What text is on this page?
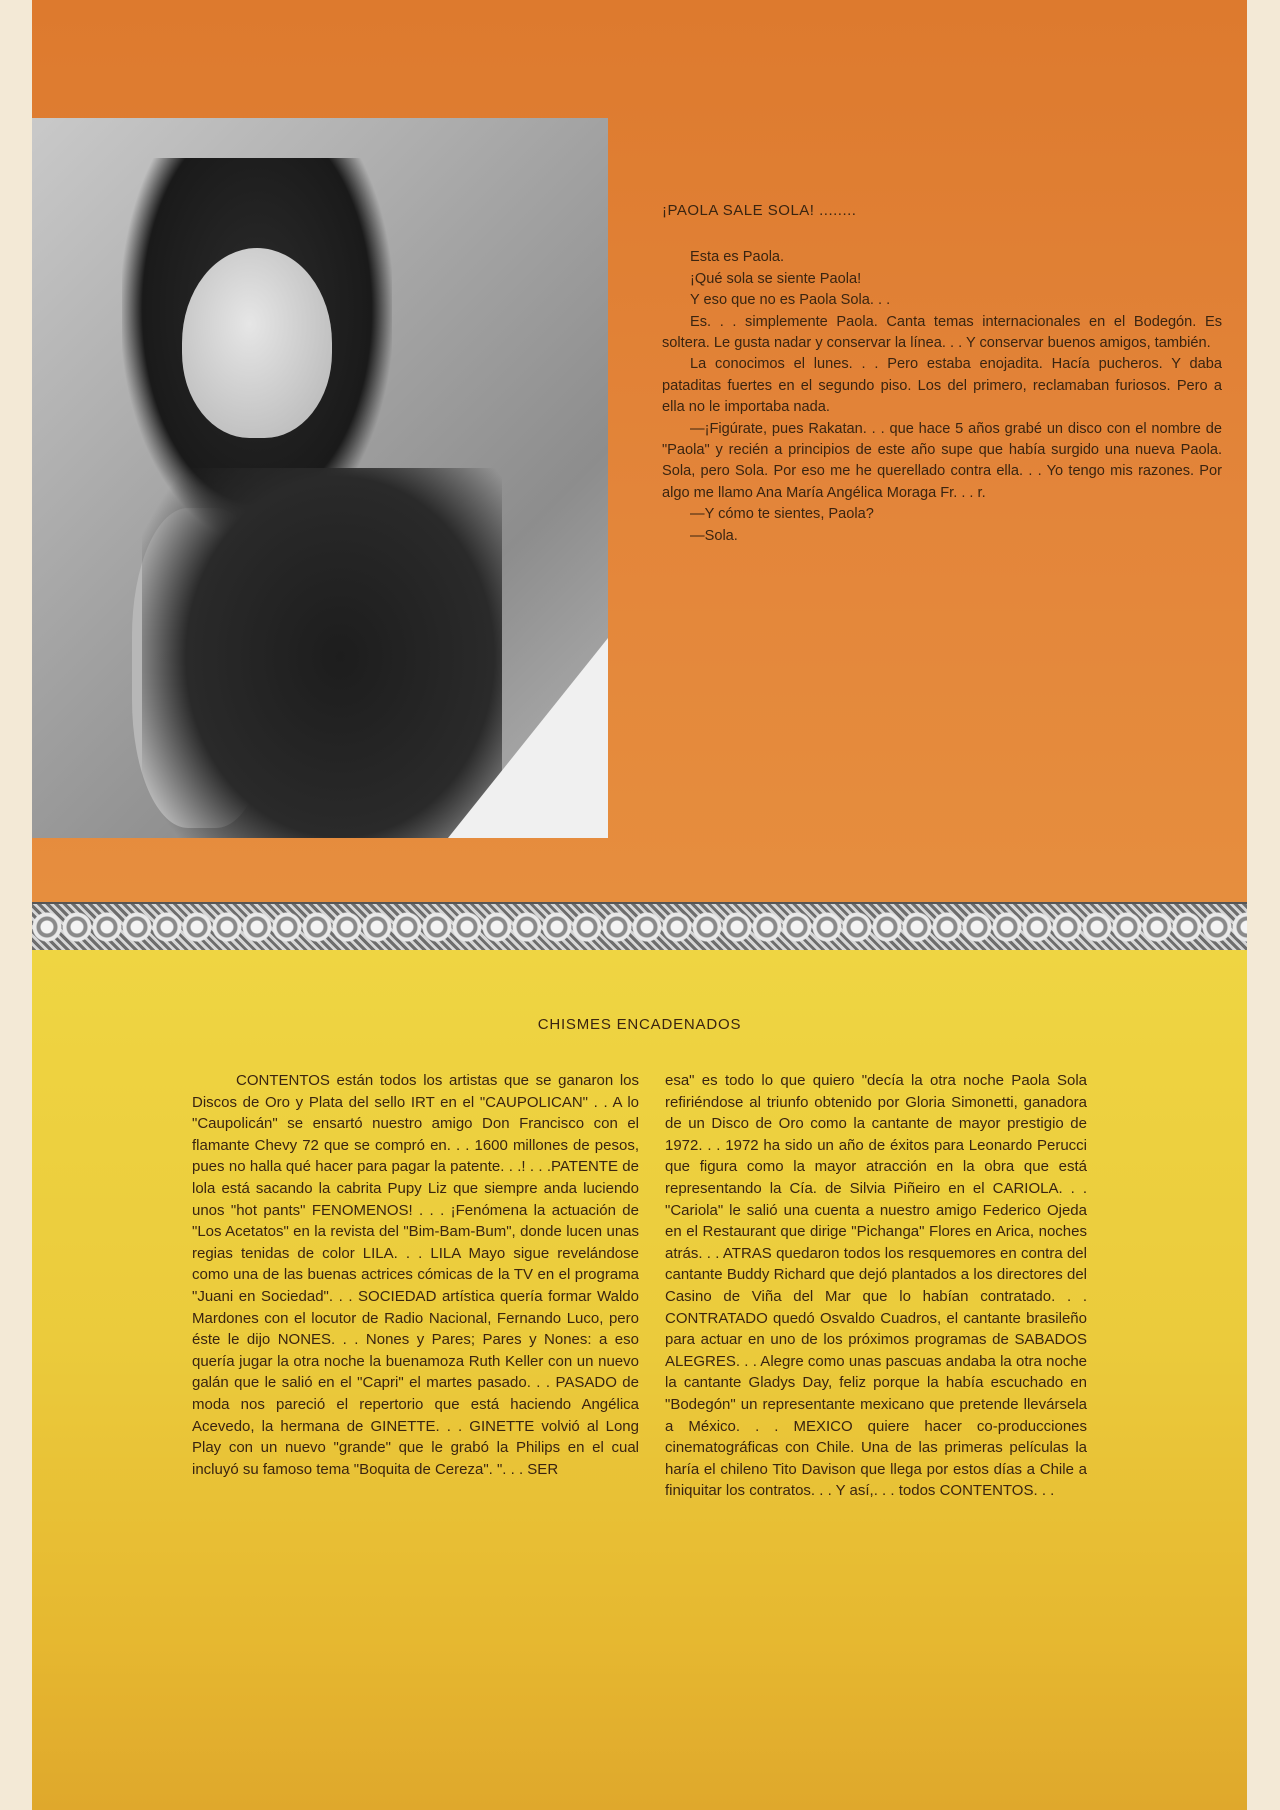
¡PAOLA SALE SOLA! ........

Esta es Paola.

¡Qué sola se siente Paola!

Y eso que no es Paola Sola. . .

Es. . . simplemente Paola. Canta temas internacionales en el Bodegón. Es soltera. Le gusta nadar y conservar la línea. . . Y conservar buenos amigos, también.

La conocimos el lunes. . . Pero estaba enojadita. Hacía pucheros. Y daba pataditas fuertes en el segundo piso. Los del primero, reclamaban furiosos. Pero a ella no le importaba nada.

—¡Figúrate, pues Rakatan. . . que hace 5 años grabé un disco con el nombre de "Paola" y recién a principios de este año supe que había surgido una nueva Paola. Sola, pero Sola. Por eso me he querellado contra ella. . . Yo tengo mis razones. Por algo me llamo Ana María Angélica Moraga Fr. . . r.

—Y cómo te sientes, Paola?

—Sola.

CHISMES ENCADENADOS

CONTENTOS están todos los artistas que se ganaron los Discos de Oro y Plata del sello IRT en el "CAUPOLICAN" . . A lo "Caupolicán" se ensartó nuestro amigo Don Francisco con el flamante Chevy 72 que se compró en. . . 1600 millones de pesos, pues no halla qué hacer para pagar la patente. . .! . . .PATENTE de lola está sacando la cabrita Pupy Liz que siempre anda luciendo unos "hot pants" FENOMENOS! . . . ¡Fenómena la actuación de "Los Acetatos" en la revista del "Bim-Bam-Bum", donde lucen unas regias tenidas de color LILA. . . LILA Mayo sigue revelándose como una de las buenas actrices cómicas de la TV en el programa "Juani en Sociedad". . . SOCIEDAD artística quería formar Waldo Mardones con el locutor de Radio Nacional, Fernando Luco, pero éste le dijo NONES. . . Nones y Pares; Pares y Nones: a eso quería jugar la otra noche la buenamoza Ruth Keller con un nuevo galán que le salió en el "Capri" el martes pasado. . . PASADO de moda nos pareció el repertorio que está haciendo Angélica Acevedo, la hermana de GINETTE. . . GINETTE volvió al Long Play con un nuevo "grande" que le grabó la Philips en el cual incluyó su famoso tema "Boquita de Cereza". ". . . SER

esa" es todo lo que quiero "decía la otra noche Paola Sola refiriéndose al triunfo obtenido por Gloria Simonetti, ganadora de un Disco de Oro como la cantante de mayor prestigio de 1972. . . 1972 ha sido un año de éxitos para Leonardo Perucci que figura como la mayor atracción en la obra que está representando la Cía. de Silvia Piñeiro en el CARIOLA. . . "Cariola" le salió una cuenta a nuestro amigo Federico Ojeda en el Restaurant que dirige "Pichanga" Flores en Arica, noches atrás. . . ATRAS quedaron todos los resquemores en contra del cantante Buddy Richard que dejó plantados a los directores del Casino de Viña del Mar que lo habían contratado. . . CONTRATADO quedó Osvaldo Cuadros, el cantante brasileño para actuar en uno de los próximos programas de SABADOS ALEGRES. . . Alegre como unas pascuas andaba la otra noche la cantante Gladys Day, feliz porque la había escuchado en "Bodegón" un representante mexicano que pretende llevársela a México. . . MEXICO quiere hacer co-producciones cinematográficas con Chile. Una de las primeras películas la haría el chileno Tito Davison que llega por estos días a Chile a finiquitar los contratos. . . Y así,. . . todos CONTENTOS. . .
